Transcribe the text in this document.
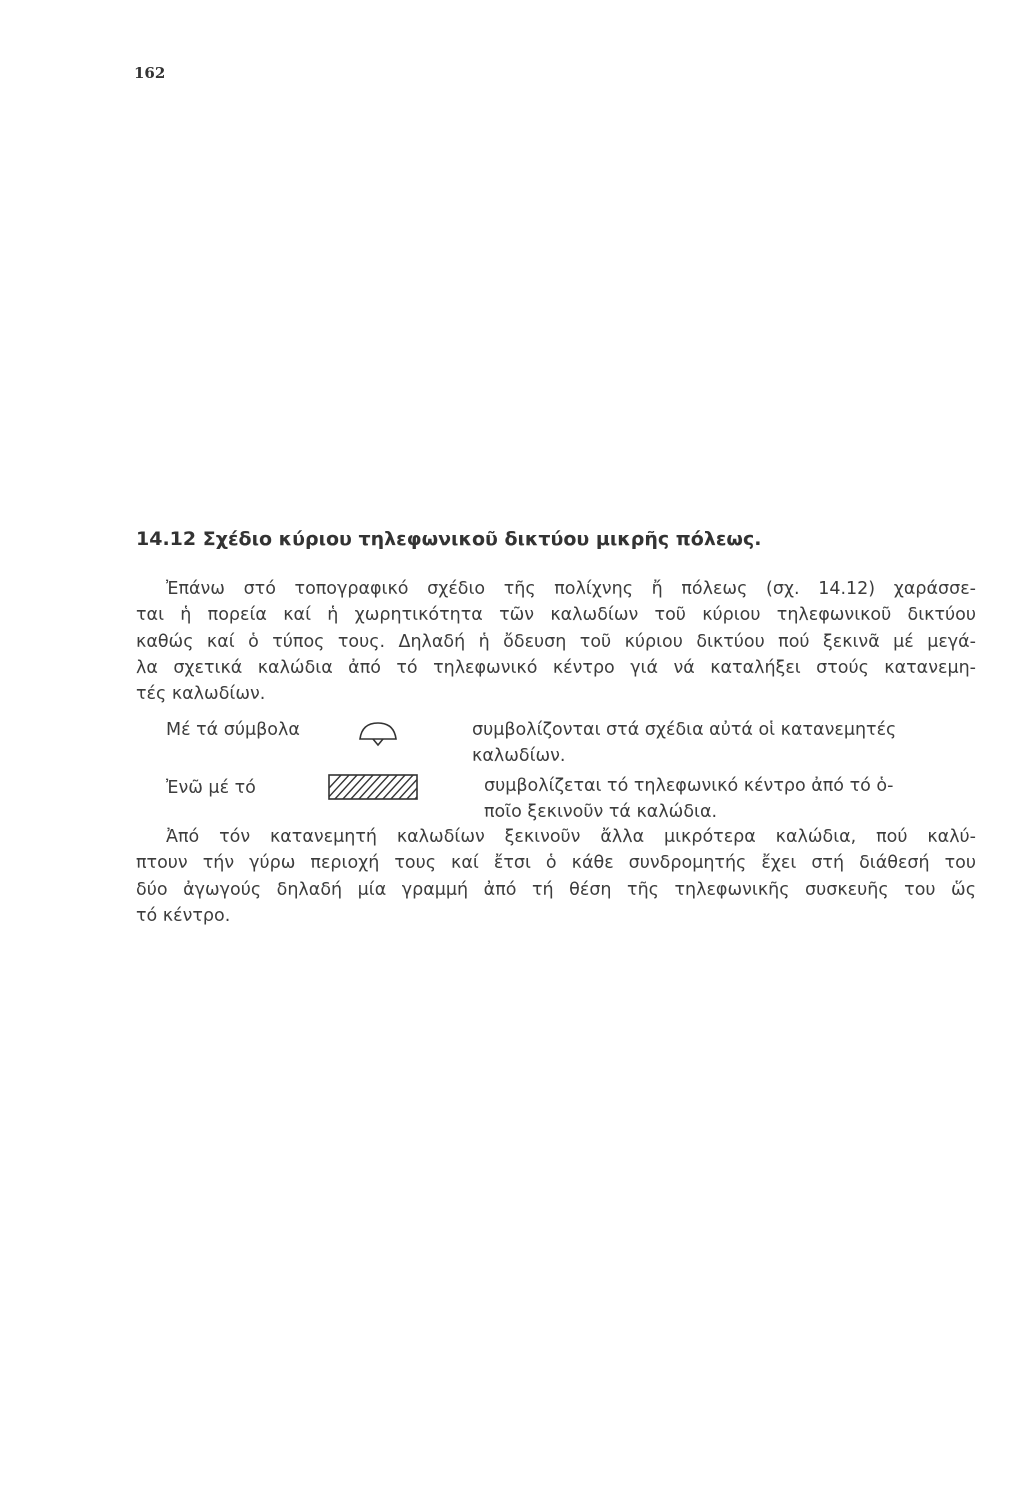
162
14.12 Σχέδιο κύριου τηλεφωνικοῦ δικτύου μικρῆς πόλεως.
Ἐπάνω στό τοπογραφικό σχέδιο τῆς πολίχνης ἤ πόλεως (σχ. 14.12) χαράσσε-
ται ἡ πορεία καί ἡ χωρητικότητα τῶν καλωδίων τοῦ κύριου τηλεφωνικοῦ δικτύου
καθώς καί ὁ τύπος τους. Δηλαδή ἡ ὄδευση τοῦ κύριου δικτύου πού ξεκινᾶ μέ μεγά-
λα σχετικά καλώδια ἀπό τό τηλεφωνικό κέντρο γιά νά καταλήξει στούς κατανεμη-
τές καλωδίων.
Μέ τά σύμβολα	συμβολίζονται στά σχέδια αὐτά οἱ κατανεμητές
καλωδίων.
Ἐνῶ μέ τό	συμβολίζεται τό τηλεφωνικό κέντρο ἀπό τό ὁ-
ποῖο ξεκινοῦν τά καλώδια.
Ἀπό τόν κατανεμητή καλωδίων ξεκινοῦν ἄλλα μικρότερα καλώδια, πού καλύ-
πτουν τήν γύρω περιοχή τους καί ἔτσι ὁ κάθε συνδρομητής ἔχει στή διάθεσή του
δύο ἀγωγούς δηλαδή μία γραμμή ἀπό τή θέση τῆς τηλεφωνικῆς συσκευῆς του ὥς
τό κέντρο.
